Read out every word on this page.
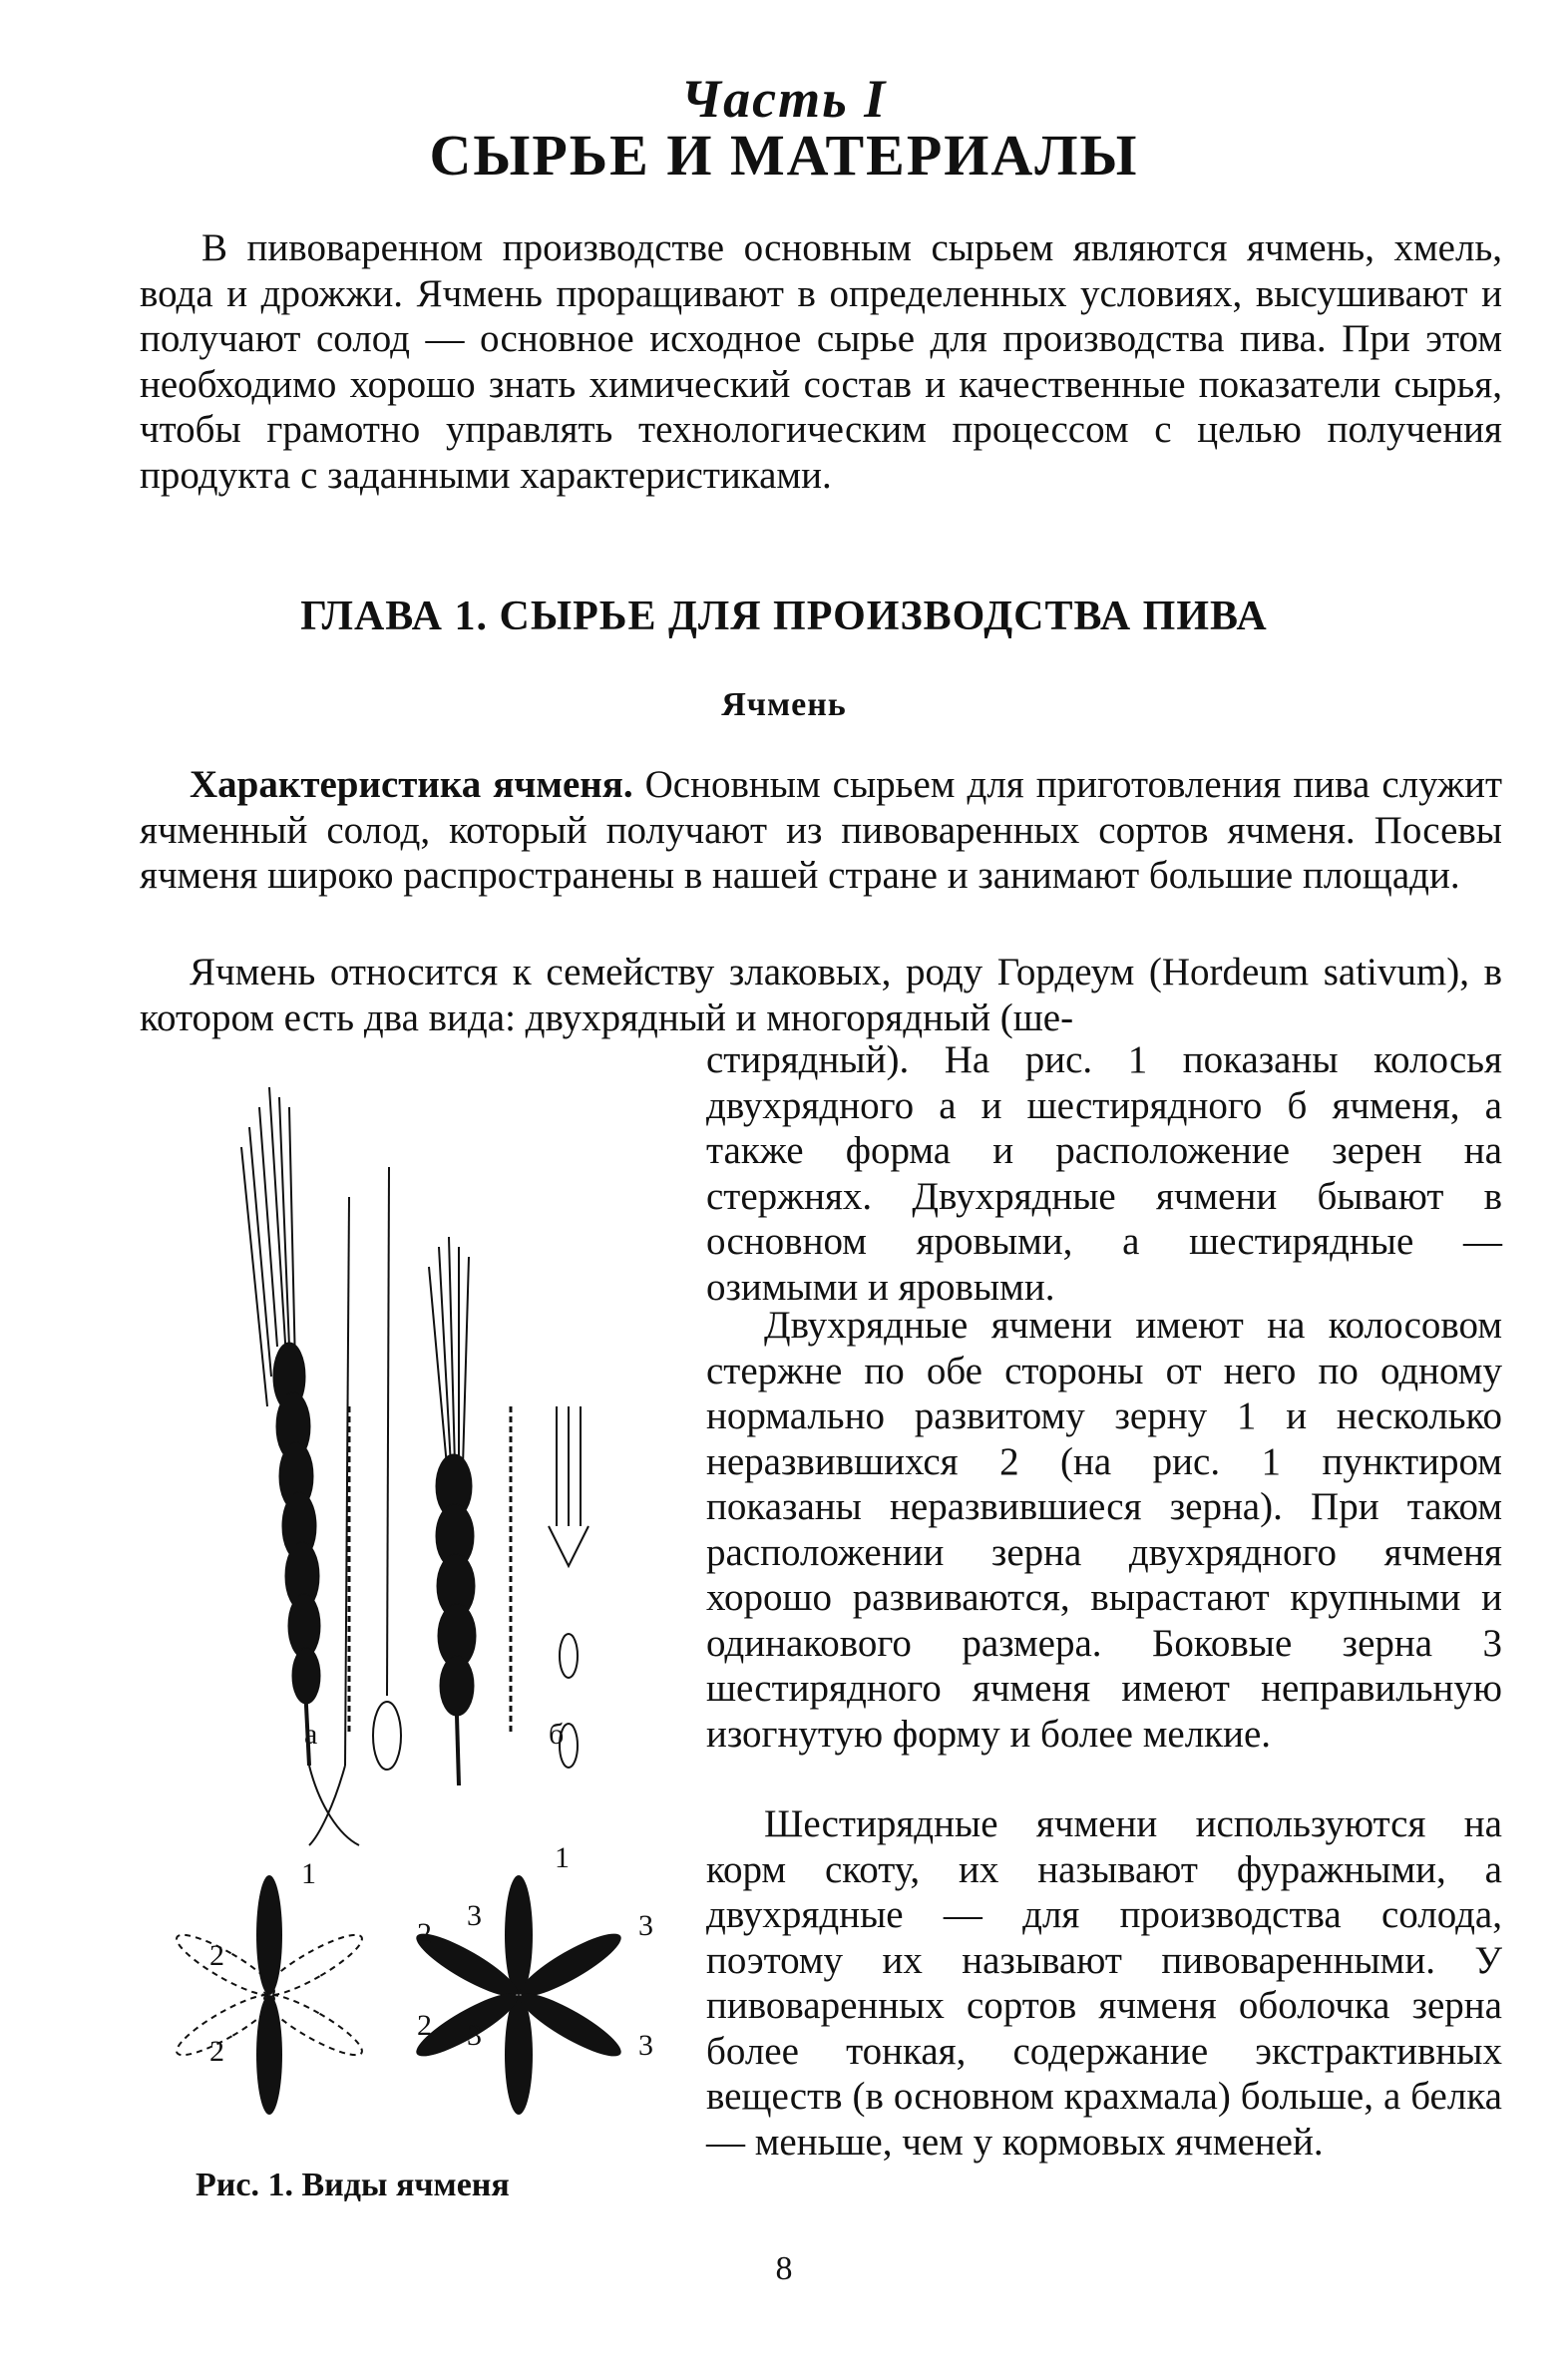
Часть I
СЫРЬЕ И МАТЕРИАЛЫ

В пивоваренном производстве основным сырьем являются ячмень, хмель, вода и дрожжи. Ячмень проращивают в определенных условиях, высушивают и получают солод — основное исходное сырье для производства пива. При этом необходимо хорошо знать химический состав и качественные показатели сырья, чтобы грамотно управлять технологическим процессом с целью получения продукта с заданными характеристиками.

ГЛАВА 1. СЫРЬЕ ДЛЯ ПРОИЗВОДСТВА ПИВА
Ячмень

Характеристика ячменя. Основным сырьем для приготовления пива служит ячменный солод, который получают из пивоваренных сортов ячменя. Посевы ячменя широко распространены в нашей стране и занимают большие площади.

Ячмень относится к семейству злаковых, роду Гордеум (Hordeum sativum), в котором есть два вида: двухрядный и многорядный (ше-

стирядный). На рис. 1 показаны колосья двухрядного а и шестирядного б ячменя, а также форма и расположение зерен на стержнях. Двухрядные ячмени бывают в основном яровыми, а шестирядные — озимыми и яровыми.

Двухрядные ячмени имеют на колосовом стержне по обе стороны от него по одному нормально развитому зерну 1 и несколько неразвившихся 2 (на рис. 1 пунктиром показаны неразвившиеся зерна). При таком расположении зерна двухрядного ячменя хорошо развиваются, вырастают крупными и одинакового размера. Боковые зерна 3 шестирядного ячменя имеют неправильную изогнутую форму и более мелкие.

Шестирядные ячмени используются на корм скоту, их называют фуражными, а двухрядные — для производства солода, поэтому их называют пивоваренными. У пивоваренных сортов ячменя оболочка зерна более тонкая, содержание экстрактивных веществ (в основном крахмала) больше, а белка — меньше, чем у кормовых ячменей.

а	б
1
2
2
2
2
1
3	3
3	3
Рис. 1. Виды ячменя
8
